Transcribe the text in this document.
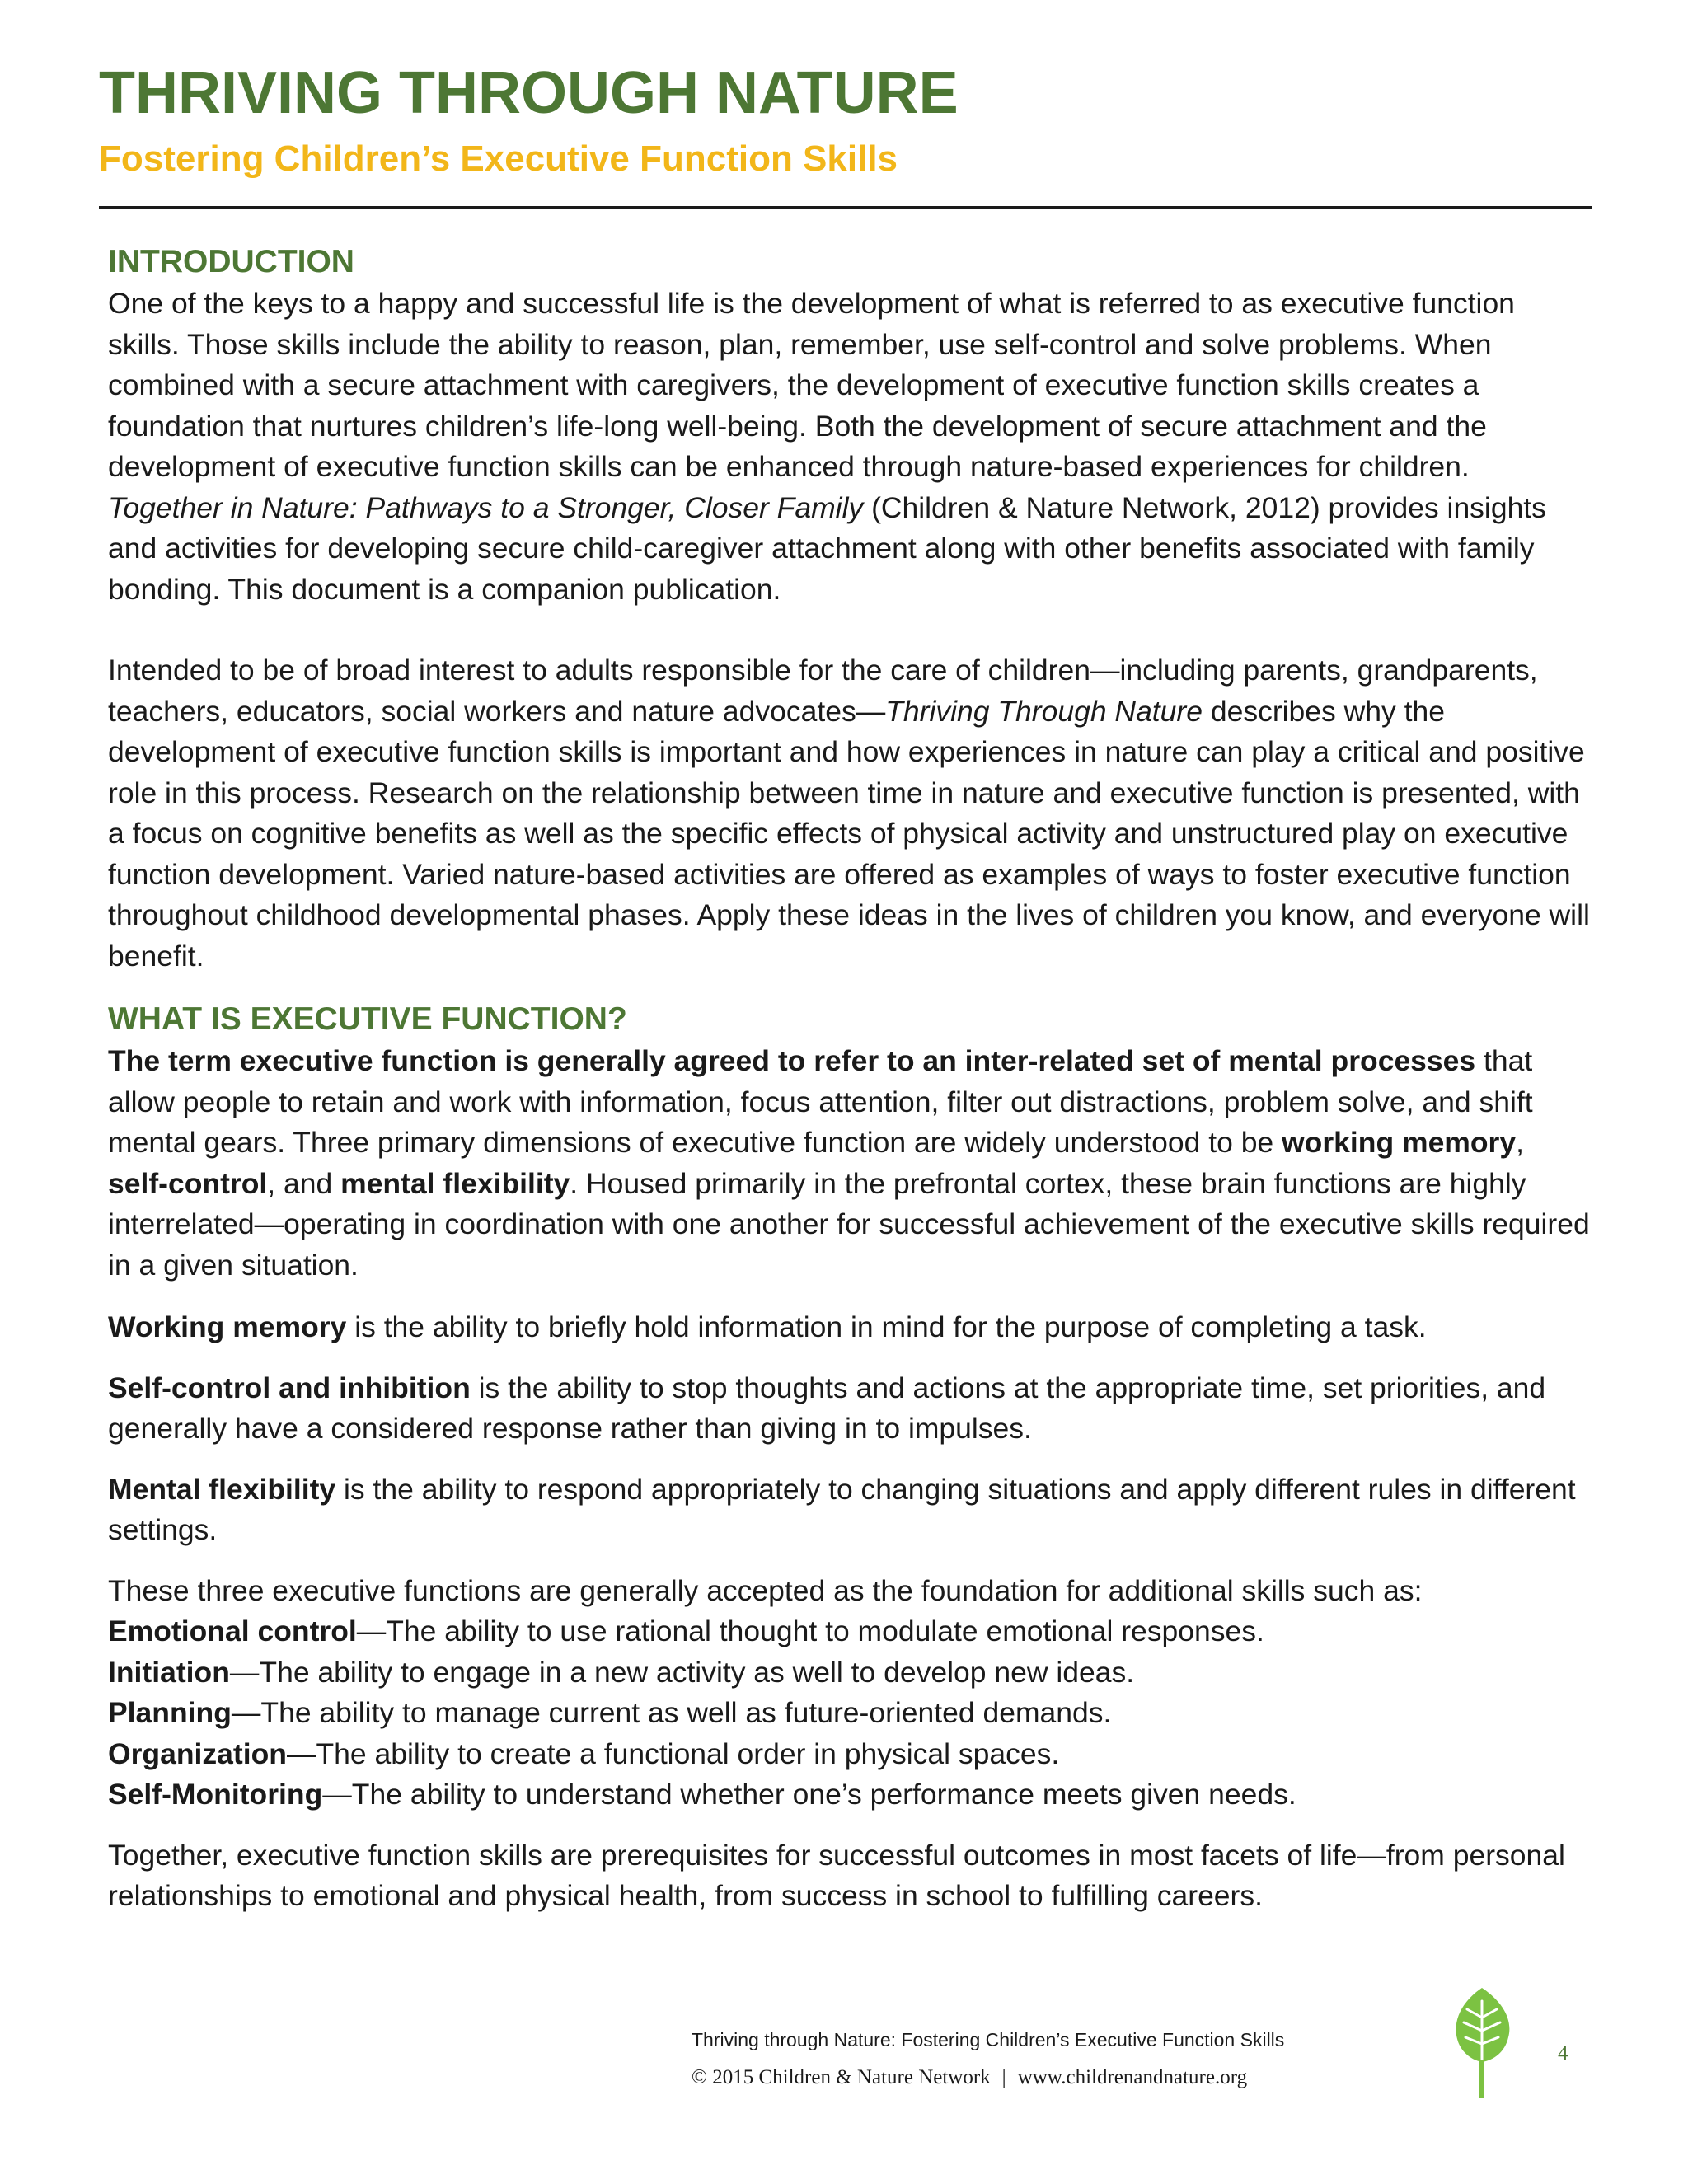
THRIVING THROUGH NATURE
Fostering Children’s Executive Function Skills
INTRODUCTION

One of the keys to a happy and successful life is the development of what is referred to as executive function skills. Those skills include the ability to reason, plan, remember, use self-control and solve problems. When combined with a secure attachment with caregivers, the development of executive function skills creates a foundation that nurtures children’s life-long well-being. Both the development of secure attachment and the development of executive function skills can be enhanced through nature-based experiences for children. Together in Nature: Pathways to a Stronger, Closer Family (Children & Nature Network, 2012) provides insights and activities for developing secure child-caregiver attachment along with other benefits associated with family bonding. This document is a companion publication.

Intended to be of broad interest to adults responsible for the care of children—including parents, grandparents, teachers, educators, social workers and nature advocates—Thriving Through Nature describes why the development of executive function skills is important and how experiences in nature can play a critical and positive role in this process. Research on the relationship between time in nature and executive function is presented, with a focus on cognitive benefits as well as the specific effects of physical activity and unstructured play on executive function development. Varied nature-based activities are offered as examples of ways to foster executive function throughout childhood developmental phases. Apply these ideas in the lives of children you know, and everyone will benefit.

WHAT IS EXECUTIVE FUNCTION?

The term executive function is generally agreed to refer to an inter-related set of mental processes that allow people to retain and work with information, focus attention, filter out distractions, problem solve, and shift mental gears. Three primary dimensions of executive function are widely understood to be working memory, self-control, and mental flexibility. Housed primarily in the prefrontal cortex, these brain functions are highly interrelated—operating in coordination with one another for successful achievement of the executive skills required in a given situation.

Working memory is the ability to briefly hold information in mind for the purpose of completing a task.

Self-control and inhibition is the ability to stop thoughts and actions at the appropriate time, set priorities, and generally have a considered response rather than giving in to impulses.

Mental flexibility is the ability to respond appropriately to changing situations and apply different rules in different settings.

These three executive functions are generally accepted as the foundation for additional skills such as:

Emotional control—The ability to use rational thought to modulate emotional responses.

Initiation—The ability to engage in a new activity as well to develop new ideas.

Planning—The ability to manage current as well as future-oriented demands.

Organization—The ability to create a functional order in physical spaces.

Self-Monitoring—The ability to understand whether one’s performance meets given needs.

Together, executive function skills are prerequisites for successful outcomes in most facets of life—from personal relationships to emotional and physical health, from success in school to fulfilling careers.

Thriving through Nature: Fostering Children’s Executive Function Skills
© 2015 Children & Nature Network | www.childrenandnature.org
4
